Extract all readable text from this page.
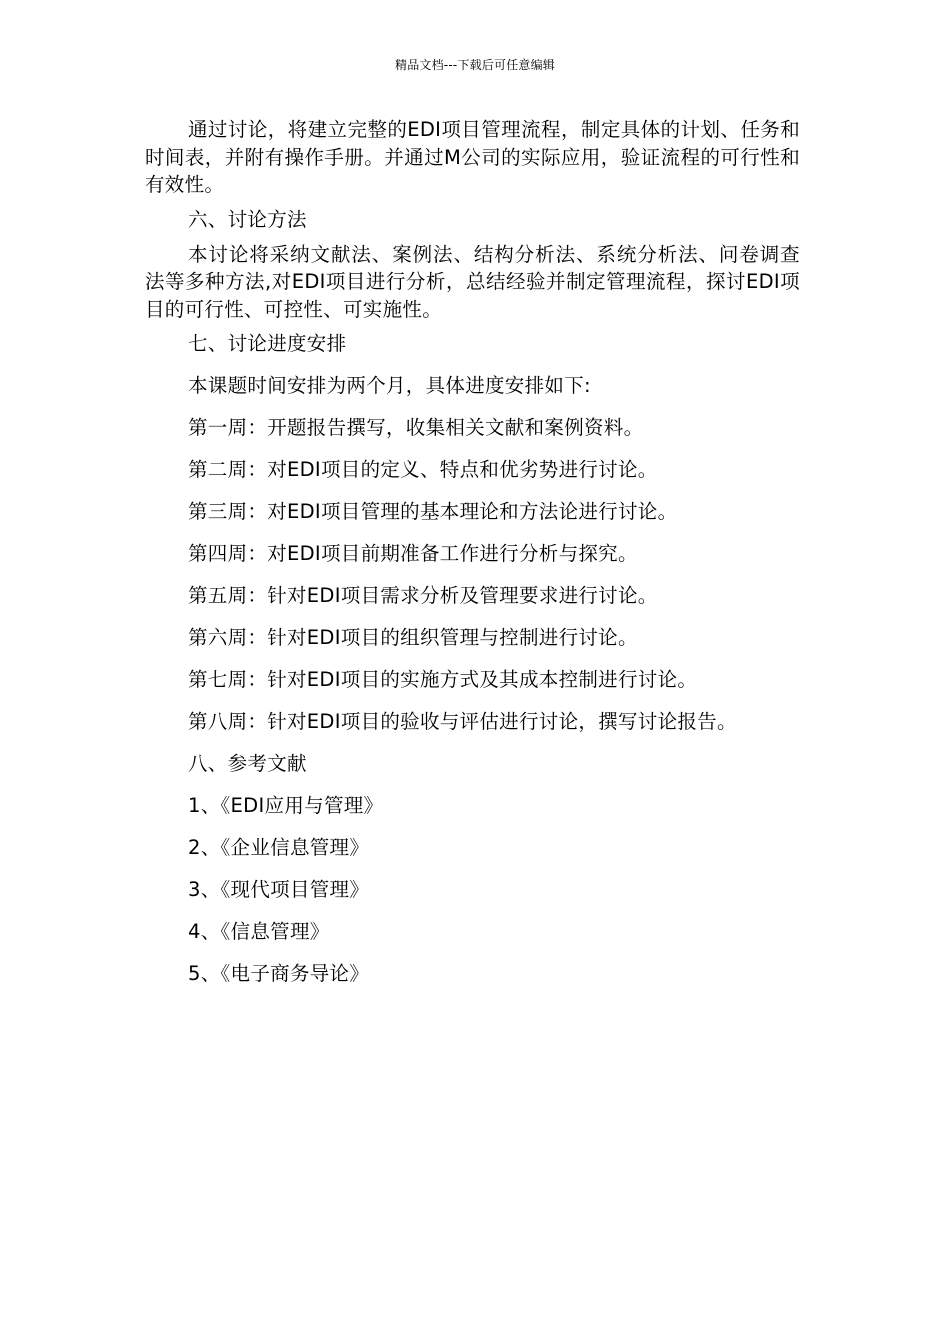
精品文档---下载后可任意编辑

通过讨论，将建立完整的EDI项目管理流程，制定具体的计划、任务和时间表，并附有操作手册。并通过M公司的实际应用，验证流程的可行性和有效性。

六、讨论方法

本讨论将采纳文献法、案例法、结构分析法、系统分析法、问卷调查法等多种方法,对EDI项目进行分析，总结经验并制定管理流程，探讨EDI项目的可行性、可控性、可实施性。

七、讨论进度安排

本课题时间安排为两个月，具体进度安排如下:

第一周：开题报告撰写，收集相关文献和案例资料。

第二周：对EDI项目的定义、特点和优劣势进行讨论。

第三周：对EDI项目管理的基本理论和方法论进行讨论。

第四周：对EDI项目前期准备工作进行分析与探究。

第五周：针对EDI项目需求分析及管理要求进行讨论。

第六周：针对EDI项目的组织管理与控制进行讨论。

第七周：针对EDI项目的实施方式及其成本控制进行讨论。

第八周：针对EDI项目的验收与评估进行讨论，撰写讨论报告。

八、参考文献

1、《EDI应用与管理》

2、《企业信息管理》

3、《现代项目管理》

4、《信息管理》

5、《电子商务导论》
